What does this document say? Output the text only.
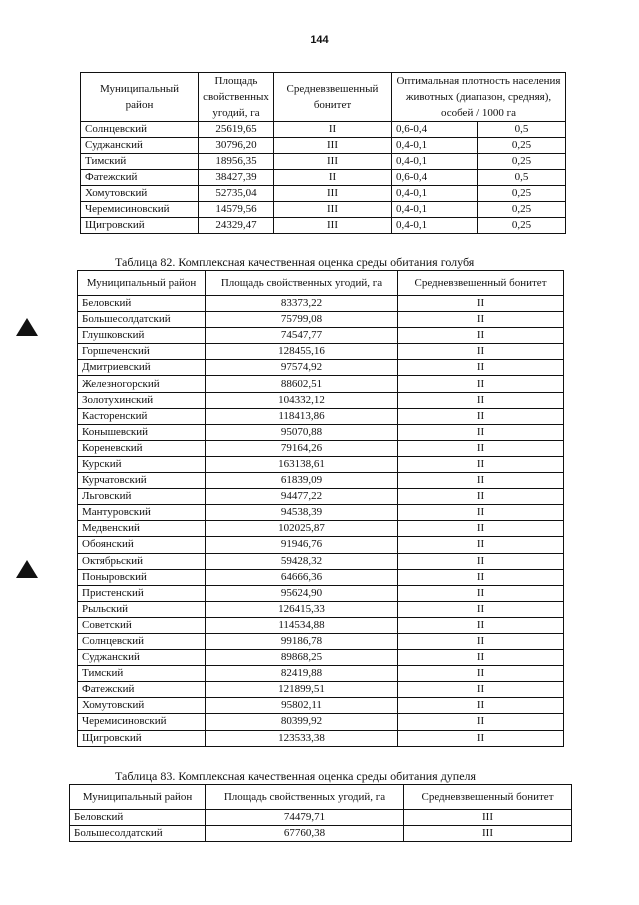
144
Муниципальный район	Площадь свойственных угодий, га	Средневзвешенный бонитет	Оптимальная плотность населения животных (диапазон, средняя), особей / 1000 га	
Солнцевский	25619,65	II	0,6-0,4	0,5
Суджанский	30796,20	III	0,4-0,1	0,25
Тимский	18956,35	III	0,4-0,1	0,25
Фатежский	38427,39	II	0,6-0,4	0,5
Хомутовский	52735,04	III	0,4-0,1	0,25
Черемисиновский	14579,56	III	0,4-0,1	0,25
Щигровский	24329,47	III	0,4-0,1	0,25
Таблица 82. Комплексная качественная оценка среды обитания голубя
Муниципальный район	Площадь свойственных угодий, га	Средневзвешенный бонитет
Беловский	83373,22	II
Большесолдатский	75799,08	II
Глушковский	74547,77	II
Горшеченский	128455,16	II
Дмитриевский	97574,92	II
Железногорский	88602,51	II
Золотухинский	104332,12	II
Касторенский	118413,86	II
Конышевский	95070,88	II
Кореневский	79164,26	II
Курский	163138,61	II
Курчатовский	61839,09	II
Льговский	94477,22	II
Мантуровский	94538,39	II
Медвенский	102025,87	II
Обоянский	91946,76	II
Октябрьский	59428,32	II
Поныровский	64666,36	II
Пристенский	95624,90	II
Рыльский	126415,33	II
Советский	114534,88	II
Солнцевский	99186,78	II
Суджанский	89868,25	II
Тимский	82419,88	II
Фатежский	121899,51	II
Хомутовский	95802,11	II
Черемисиновский	80399,92	II
Щигровский	123533,38	II
Таблица 83. Комплексная качественная оценка среды обитания дупеля
Муниципальный район	Площадь свойственных угодий, га	Средневзвешенный бонитет
Беловский	74479,71	III
Большесолдатский	67760,38	III
